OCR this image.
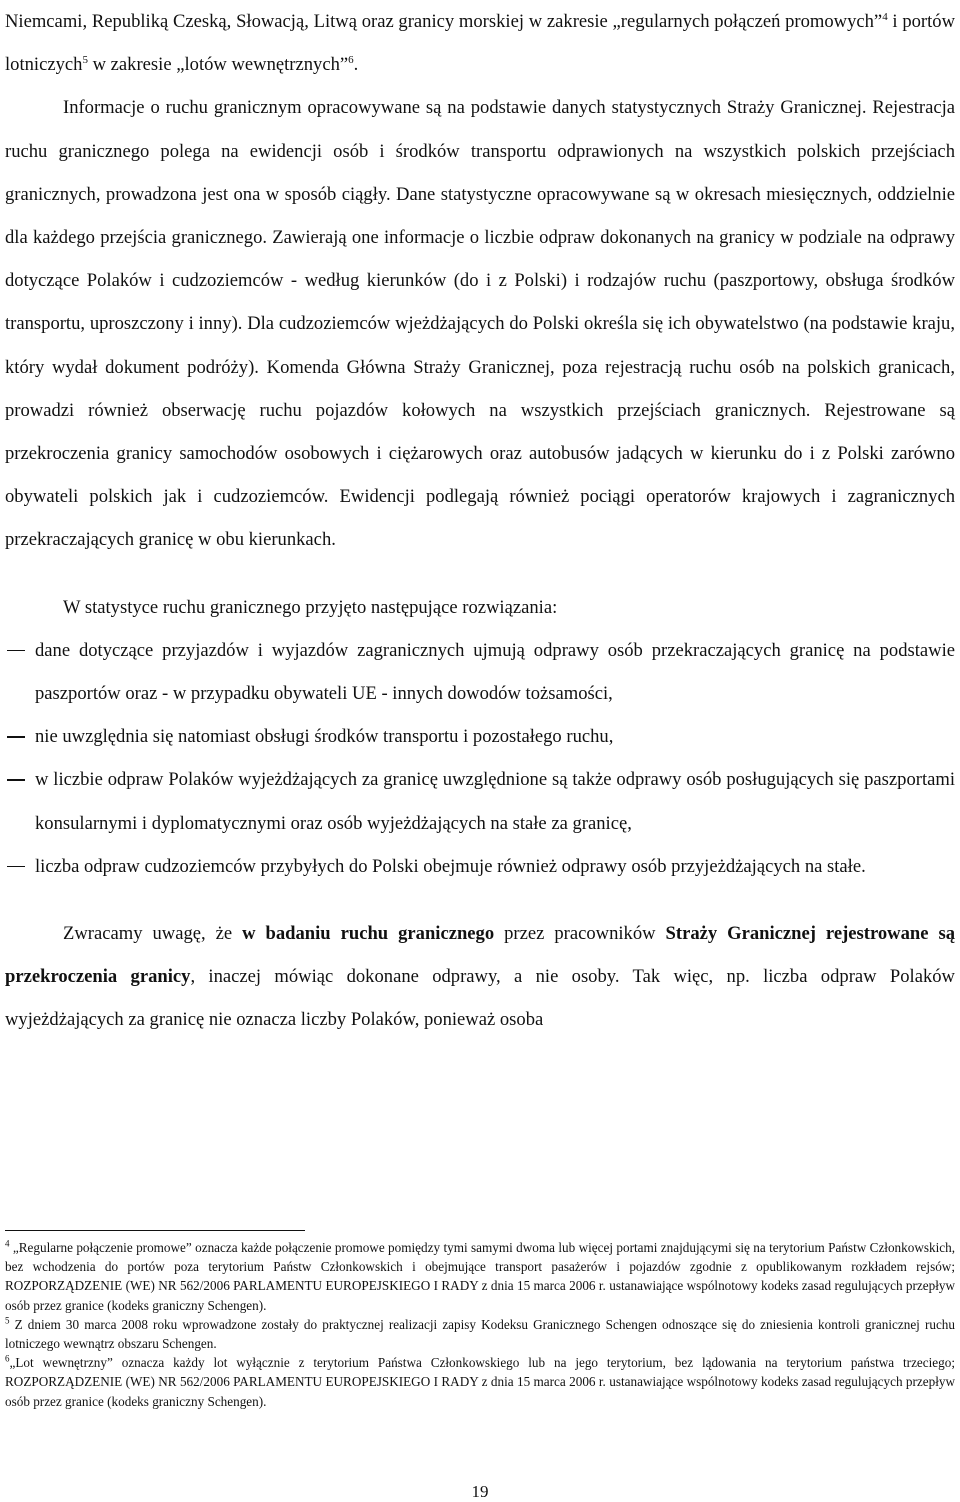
Niemcami, Republiką Czeską, Słowacją, Litwą oraz granicy morskiej w zakresie „regularnych połączeń promowych”$^4$ i portów lotniczych$^5$ w zakresie „lotów wewnętrznych”$^6$.

Informacje o ruchu granicznym opracowywane są na podstawie danych statystycznych Straży Granicznej. Rejestracja ruchu granicznego polega na ewidencji osób i środków transportu odprawionych na wszystkich polskich przejściach granicznych, prowadzona jest ona w sposób ciągły. Dane statystyczne opracowywane są w okresach miesięcznych, oddzielnie dla każdego przejścia granicznego. Zawierają one informacje o liczbie odpraw dokonanych na granicy w podziale na odprawy dotyczące Polaków i cudzoziemców - według kierunków (do i z Polski) i rodzajów ruchu (paszportowy, obsługa środków transportu, uproszczony i inny). Dla cudzoziemców wjeżdżających do Polski określa się ich obywatelstwo (na podstawie kraju, który wydał dokument podróży). Komenda Główna Straży Granicznej, poza rejestracją ruchu osób na polskich granicach, prowadzi również obserwację ruchu pojazdów kołowych na wszystkich przejściach granicznych. Rejestrowane są przekroczenia granicy samochodów osobowych i ciężarowych oraz autobusów jadących w kierunku do i z Polski zarówno obywateli polskich jak i cudzoziemców. Ewidencji podlegają również pociągi operatorów krajowych i zagranicznych przekraczających granicę w obu kierunkach.

W statystyce ruchu granicznego przyjęto następujące rozwiązania:

dane dotyczące przyjazdów i wyjazdów zagranicznych ujmują odprawy osób przekraczających granicę na podstawie paszportów oraz - w przypadku obywateli UE - innych dowodów tożsamości,
nie uwzględnia się natomiast obsługi środków transportu i pozostałego ruchu,
w liczbie odpraw Polaków wyjeżdżających za granicę uwzględnione są także odprawy osób posługujących się paszportami konsularnymi i dyplomatycznymi oraz osób wyjeżdżających na stałe za granicę,
liczba odpraw cudzoziemców przybyłych do Polski obejmuje również odprawy osób przyjeżdżających na stałe.

Zwracamy uwagę, że w badaniu ruchu granicznego przez pracowników Straży Granicznej rejestrowane są przekroczenia granicy, inaczej mówiąc dokonane odprawy, a nie osoby. Tak więc, np. liczba odpraw Polaków wyjeżdżających za granicę nie oznacza liczby Polaków, ponieważ osoba

$^4$ „Regularne połączenie promowe” oznacza każde połączenie promowe pomiędzy tymi samymi dwoma lub więcej portami znajdującymi się na terytorium Państw Członkowskich, bez wchodzenia do portów poza terytorium Państw Członkowskich i obejmujące transport pasażerów i pojazdów zgodnie z opublikowanym rozkładem rejsów; ROZPORZĄDZENIE (WE) NR 562/2006 PARLAMENTU EUROPEJSKIEGO I RADY z dnia 15 marca 2006 r. ustanawiające wspólnotowy kodeks zasad regulujących przepływ osób przez granice (kodeks graniczny Schengen).

$^5$ Z dniem 30 marca 2008 roku wprowadzone zostały do praktycznej realizacji zapisy Kodeksu Granicznego Schengen odnoszące się do zniesienia kontroli granicznej ruchu lotniczego wewnątrz obszaru Schengen.

$^6$„Lot wewnętrzny” oznacza każdy lot wyłącznie z terytorium Państwa Członkowskiego lub na jego terytorium, bez lądowania na terytorium państwa trzeciego; ROZPORZĄDZENIE (WE) NR 562/2006 PARLAMENTU EUROPEJSKIEGO I RADY z dnia 15 marca 2006 r. ustanawiające wspólnotowy kodeks zasad regulujących przepływ osób przez granice (kodeks graniczny Schengen).

19
